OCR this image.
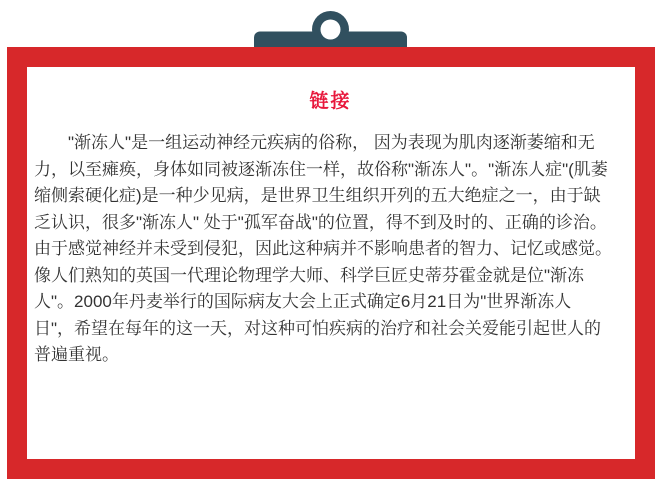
链接
"渐冻人"是一组运动神经元疾病的俗称， 因为表现为肌肉逐渐萎缩和无
力，以至瘫痪，身体如同被逐渐冻住一样，故俗称"渐冻人"。"渐冻人症"(肌萎
缩侧索硬化症)是一种少见病，是世界卫生组织开列的五大绝症之一，由于缺
乏认识，很多"渐冻人" 处于"孤军奋战"的位置，得不到及时的、正确的诊治。
由于感觉神经并未受到侵犯，因此这种病并不影响患者的智力、记忆或感觉。
像人们熟知的英国一代理论物理学大师、科学巨匠史蒂芬霍金就是位"渐冻
人"。2000年丹麦举行的国际病友大会上正式确定6月21日为"世界渐冻人
日"，希望在每年的这一天，对这种可怕疾病的治疗和社会关爱能引起世人的
普遍重视。
